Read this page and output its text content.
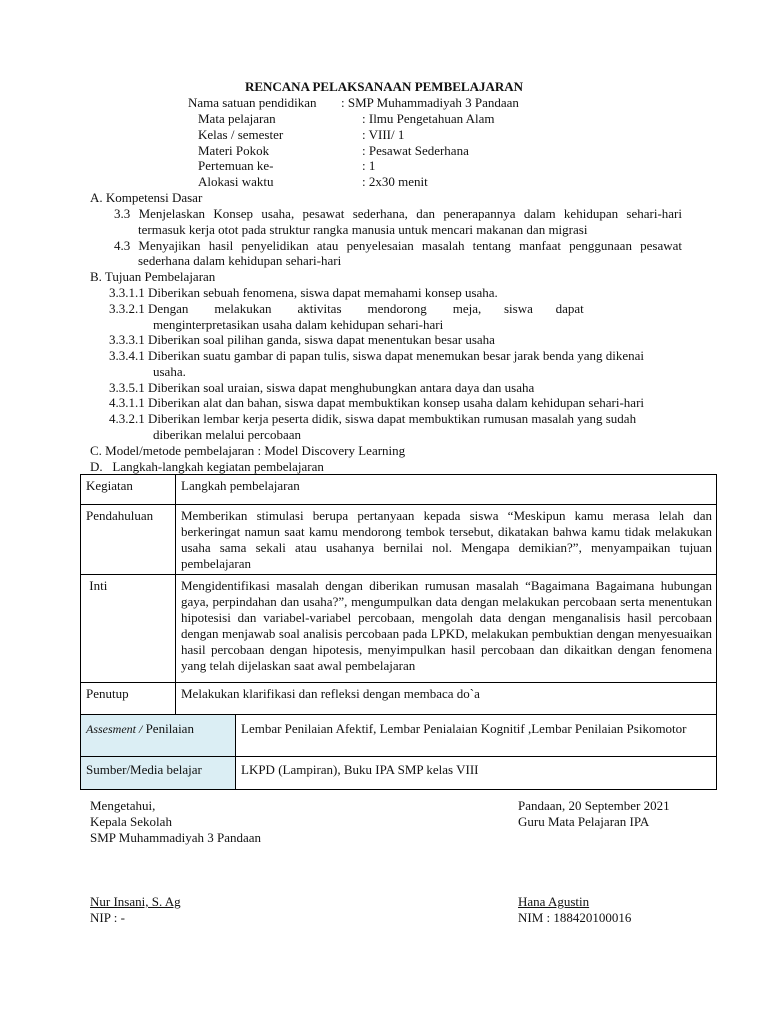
RENCANA PELAKSANAAN PEMBELAJARAN
Nama satuan pendidikan : SMP Muhammadiyah 3 Pandaan
Mata pelajaran	: Ilmu Pengetahuan Alam
Kelas / semester	: VIII/ 1
Materi Pokok	: Pesawat Sederhana
Pertemuan ke-	: 1
Alokasi waktu	: 2x30 menit
A. Kompetensi Dasar
3.3 Menjelaskan Konsep usaha, pesawat sederhana, dan penerapannya dalam kehidupan sehari-hari
termasuk kerja otot pada struktur rangka manusia untuk mencari makanan dan migrasi
4.3 Menyajikan hasil penyelidikan atau penyelesaian masalah tentang manfaat penggunaan pesawat
sederhana dalam kehidupan sehari-hari
B. Tujuan Pembelajaran
3.3.1.1 Diberikan sebuah fenomena, siswa dapat memahami konsep usaha.
3.3.2.1 Dengan        melakukan        aktivitas        mendorong        meja,       siswa       dapat
menginterpretasikan usaha dalam kehidupan sehari-hari
3.3.3.1 Diberikan soal pilihan ganda, siswa dapat menentukan besar usaha
3.3.4.1 Diberikan suatu gambar di papan tulis, siswa dapat menemukan besar jarak benda yang dikenai
usaha.
3.3.5.1 Diberikan soal uraian, siswa dapat menghubungkan antara daya dan usaha
4.3.1.1 Diberikan alat dan bahan, siswa dapat membuktikan konsep usaha dalam kehidupan sehari-hari
4.3.2.1 Diberikan lembar kerja peserta didik, siswa dapat membuktikan rumusan masalah yang sudah
diberikan melalui percobaan
C. Model/metode pembelajaran : Model Discovery Learning
D.   Langkah-langkah kegiatan pembelajaran
Kegiatan	Langkah pembelajaran	
Pendahuluan	Memberikan stimulasi berupa pertanyaan kepada siswa “Meskipun kamu merasa lelah dan berkeringat namun saat kamu mendorong tembok tersebut, dikatakan bahwa kamu tidak melakukan usaha sama sekali atau usahanya bernilai nol. Mengapa demikian?”, menyampaikan tujuan pembelajaran	
Inti	Mengidentifikasi masalah dengan diberikan rumusan masalah “Bagaimana Bagaimana hubungan gaya, perpindahan dan usaha?”, mengumpulkan data dengan melakukan percobaan serta menentukan hipotesisi dan variabel-variabel percobaan, mengolah data dengan menganalisis hasil percobaan dengan menjawab soal analisis percobaan pada LPKD, melakukan pembuktian dengan menyesuaikan hasil percobaan dengan hipotesis, menyimpulkan hasil percobaan dan dikaitkan dengan fenomena yang telah dijelaskan saat awal pembelajaran	
Penutup	Melakukan klarifikasi dan refleksi dengan membaca do`a	
Assesment / Penilaian		Lembar Penilaian Afektif, Lembar Penialaian Kognitif ,Lembar Penilaian Psikomotor
Sumber/Media belajar		LKPD (Lampiran), Buku IPA SMP kelas VIII
Mengetahui,
Kepala Sekolah
SMP Muhammadiyah 3 Pandaan
Nur Insani, S. Ag
NIP : -
Pandaan, 20 September 2021
Guru Mata Pelajaran IPA
Hana Agustin
NIM : 188420100016
